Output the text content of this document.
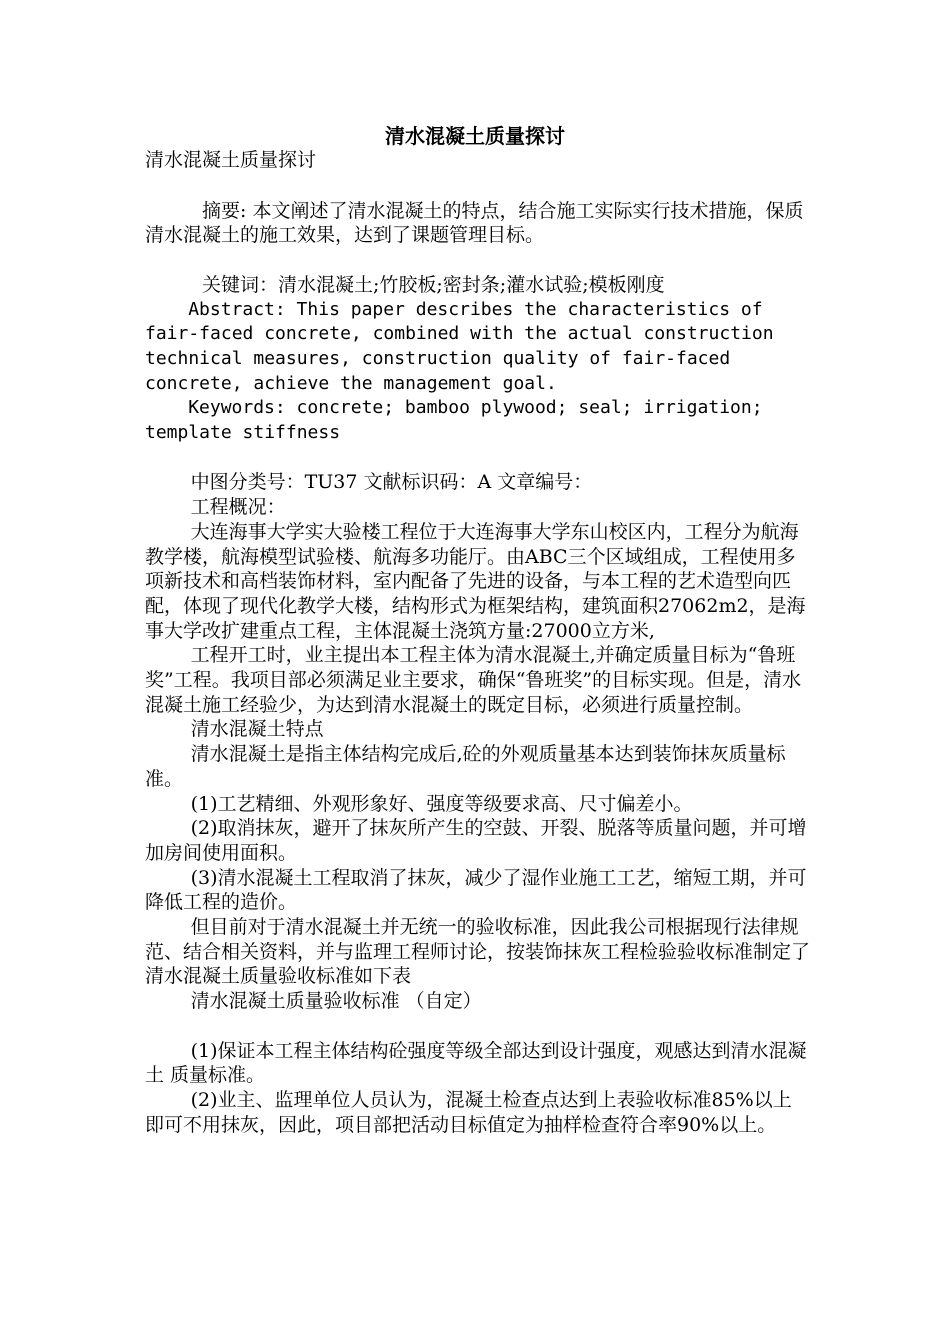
清水混凝土质量探讨

清水混凝土质量探讨

摘要: 本文阐述了清水混凝土的特点，结合施工实际实行技术措施，保质清水混凝土的施工效果，达到了课题管理目标。

关键词：清水混凝土;竹胶板;密封条;灌水试验;模板刚度

Abstract: This paper describes the characteristics of fair-faced concrete, combined with the actual construction technical measures, construction quality of fair-faced concrete, achieve the management goal.

Keywords: concrete; bamboo plywood; seal; irrigation; template stiffness

中图分类号：TU37 文献标识码：A 文章编号：

工程概况：

大连海事大学实大验楼工程位于大连海事大学东山校区内，工程分为航海教学楼，航海模型试验楼、航海多功能厅。由ABC三个区域组成，工程使用多项新技术和高档装饰材料，室内配备了先进的设备，与本工程的艺术造型向匹配，体现了现代化教学大楼，结构形式为框架结构，建筑面积27062m2，是海事大学改扩建重点工程，主体混凝土浇筑方量:27000立方米,

工程开工时，业主提出本工程主体为清水混凝土,并确定质量目标为“鲁班奖”工程。我项目部必须满足业主要求，确保“鲁班奖”的目标实现。但是，清水混凝土施工经验少，为达到清水混凝土的既定目标，必须进行质量控制。

清水混凝土特点

清水混凝土是指主体结构完成后,砼的外观质量基本达到装饰抹灰质量标准。

(1)工艺精细、外观形象好、强度等级要求高、尺寸偏差小。

(2)取消抹灰，避开了抹灰所产生的空鼓、开裂、脱落等质量问题，并可增加房间使用面积。

(3)清水混凝土工程取消了抹灰，减少了湿作业施工工艺，缩短工期，并可降低工程的造价。

但目前对于清水混凝土并无统一的验收标准，因此我公司根据现行法律规范、结合相关资料，并与监理工程师讨论，按装饰抹灰工程检验验收标准制定了清水混凝土质量验收标准如下表

清水混凝土质量验收标准 （自定）

(1)保证本工程主体结构砼强度等级全部达到设计强度，观感达到清水混凝土 质量标准。

(2)业主、监理单位人员认为，混凝土检查点达到上表验收标准85%以上即可不用抹灰，因此，项目部把活动目标值定为抽样检查符合率90%以上。
